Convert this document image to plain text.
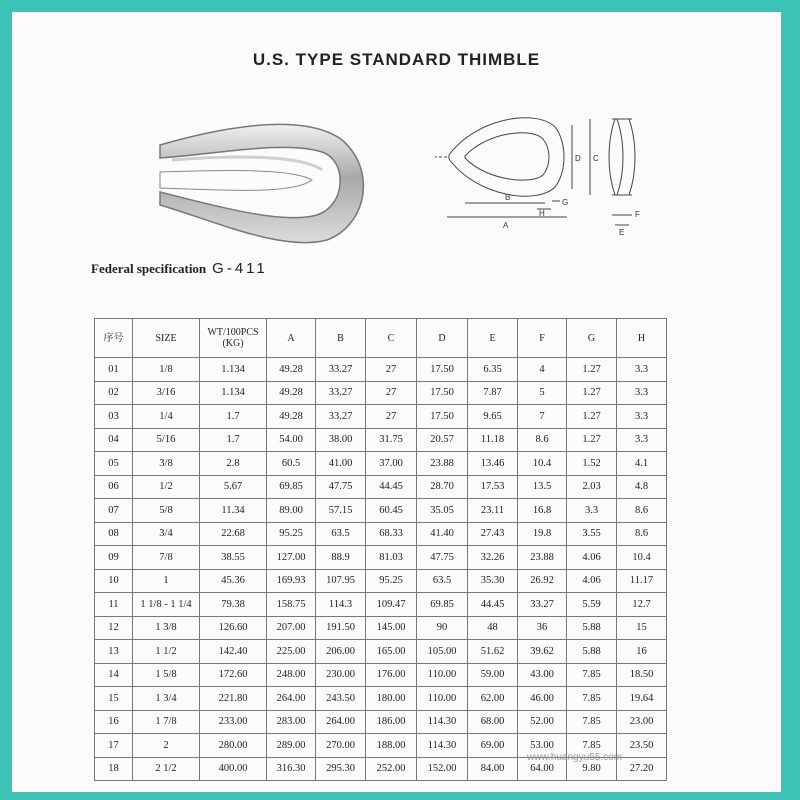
U.S. TYPE STANDARD THIMBLE
D C
B
H
G
A
F
E
Federal specification G-411
序号	SIZE	WT/100PCS (KG)	A	B	C	D	E	F	G	H
01	1/8	1.134	49.28	33.27	27	17.50	6.35	4	1.27	3.3
02	3/16	1.134	49.28	33.27	27	17.50	7.87	5	1.27	3.3
03	1/4	1.7	49.28	33.27	27	17.50	9.65	7	1.27	3.3
04	5/16	1.7	54.00	38.00	31.75	20.57	11.18	8.6	1.27	3.3
05	3/8	2.8	60.5	41.00	37.00	23.88	13.46	10.4	1.52	4.1
06	1/2	5.67	69.85	47.75	44.45	28.70	17.53	13.5	2.03	4.8
07	5/8	11.34	89.00	57.15	60.45	35.05	23.11	16.8	3.3	8.6
08	3/4	22.68	95.25	63.5	68.33	41.40	27.43	19.8	3.55	8.6
09	7/8	38.55	127.00	88.9	81.03	47.75	32.26	23.88	4.06	10.4
10	1	45.36	169.93	107.95	95.25	63.5	35.30	26.92	4.06	11.17
11	1 1/8 - 1 1/4	79.38	158.75	114.3	109.47	69.85	44.45	33.27	5.59	12.7
12	1 3/8	126.60	207.00	191.50	145.00	90	48	36	5.88	15
13	1 1/2	142.40	225.00	206.00	165.00	105.00	51.62	39.62	5.88	16
14	1 5/8	172.60	248.00	230.00	176.00	110.00	59.00	43.00	7.85	18.50
15	1 3/4	221.80	264.00	243.50	180.00	110.00	62.00	46.00	7.85	19.64
16	1 7/8	233.00	283.00	264.00	186.00	114.30	68.00	52.00	7.85	23.00
17	2	280.00	289.00	270.00	188.00	114.30	69.00	53.00	7.85	23.50
18	2 1/2	400.00	316.30	295.30	252.00	152.00	84.00	64.00	9.80	27.20
www.huangyu55.com
